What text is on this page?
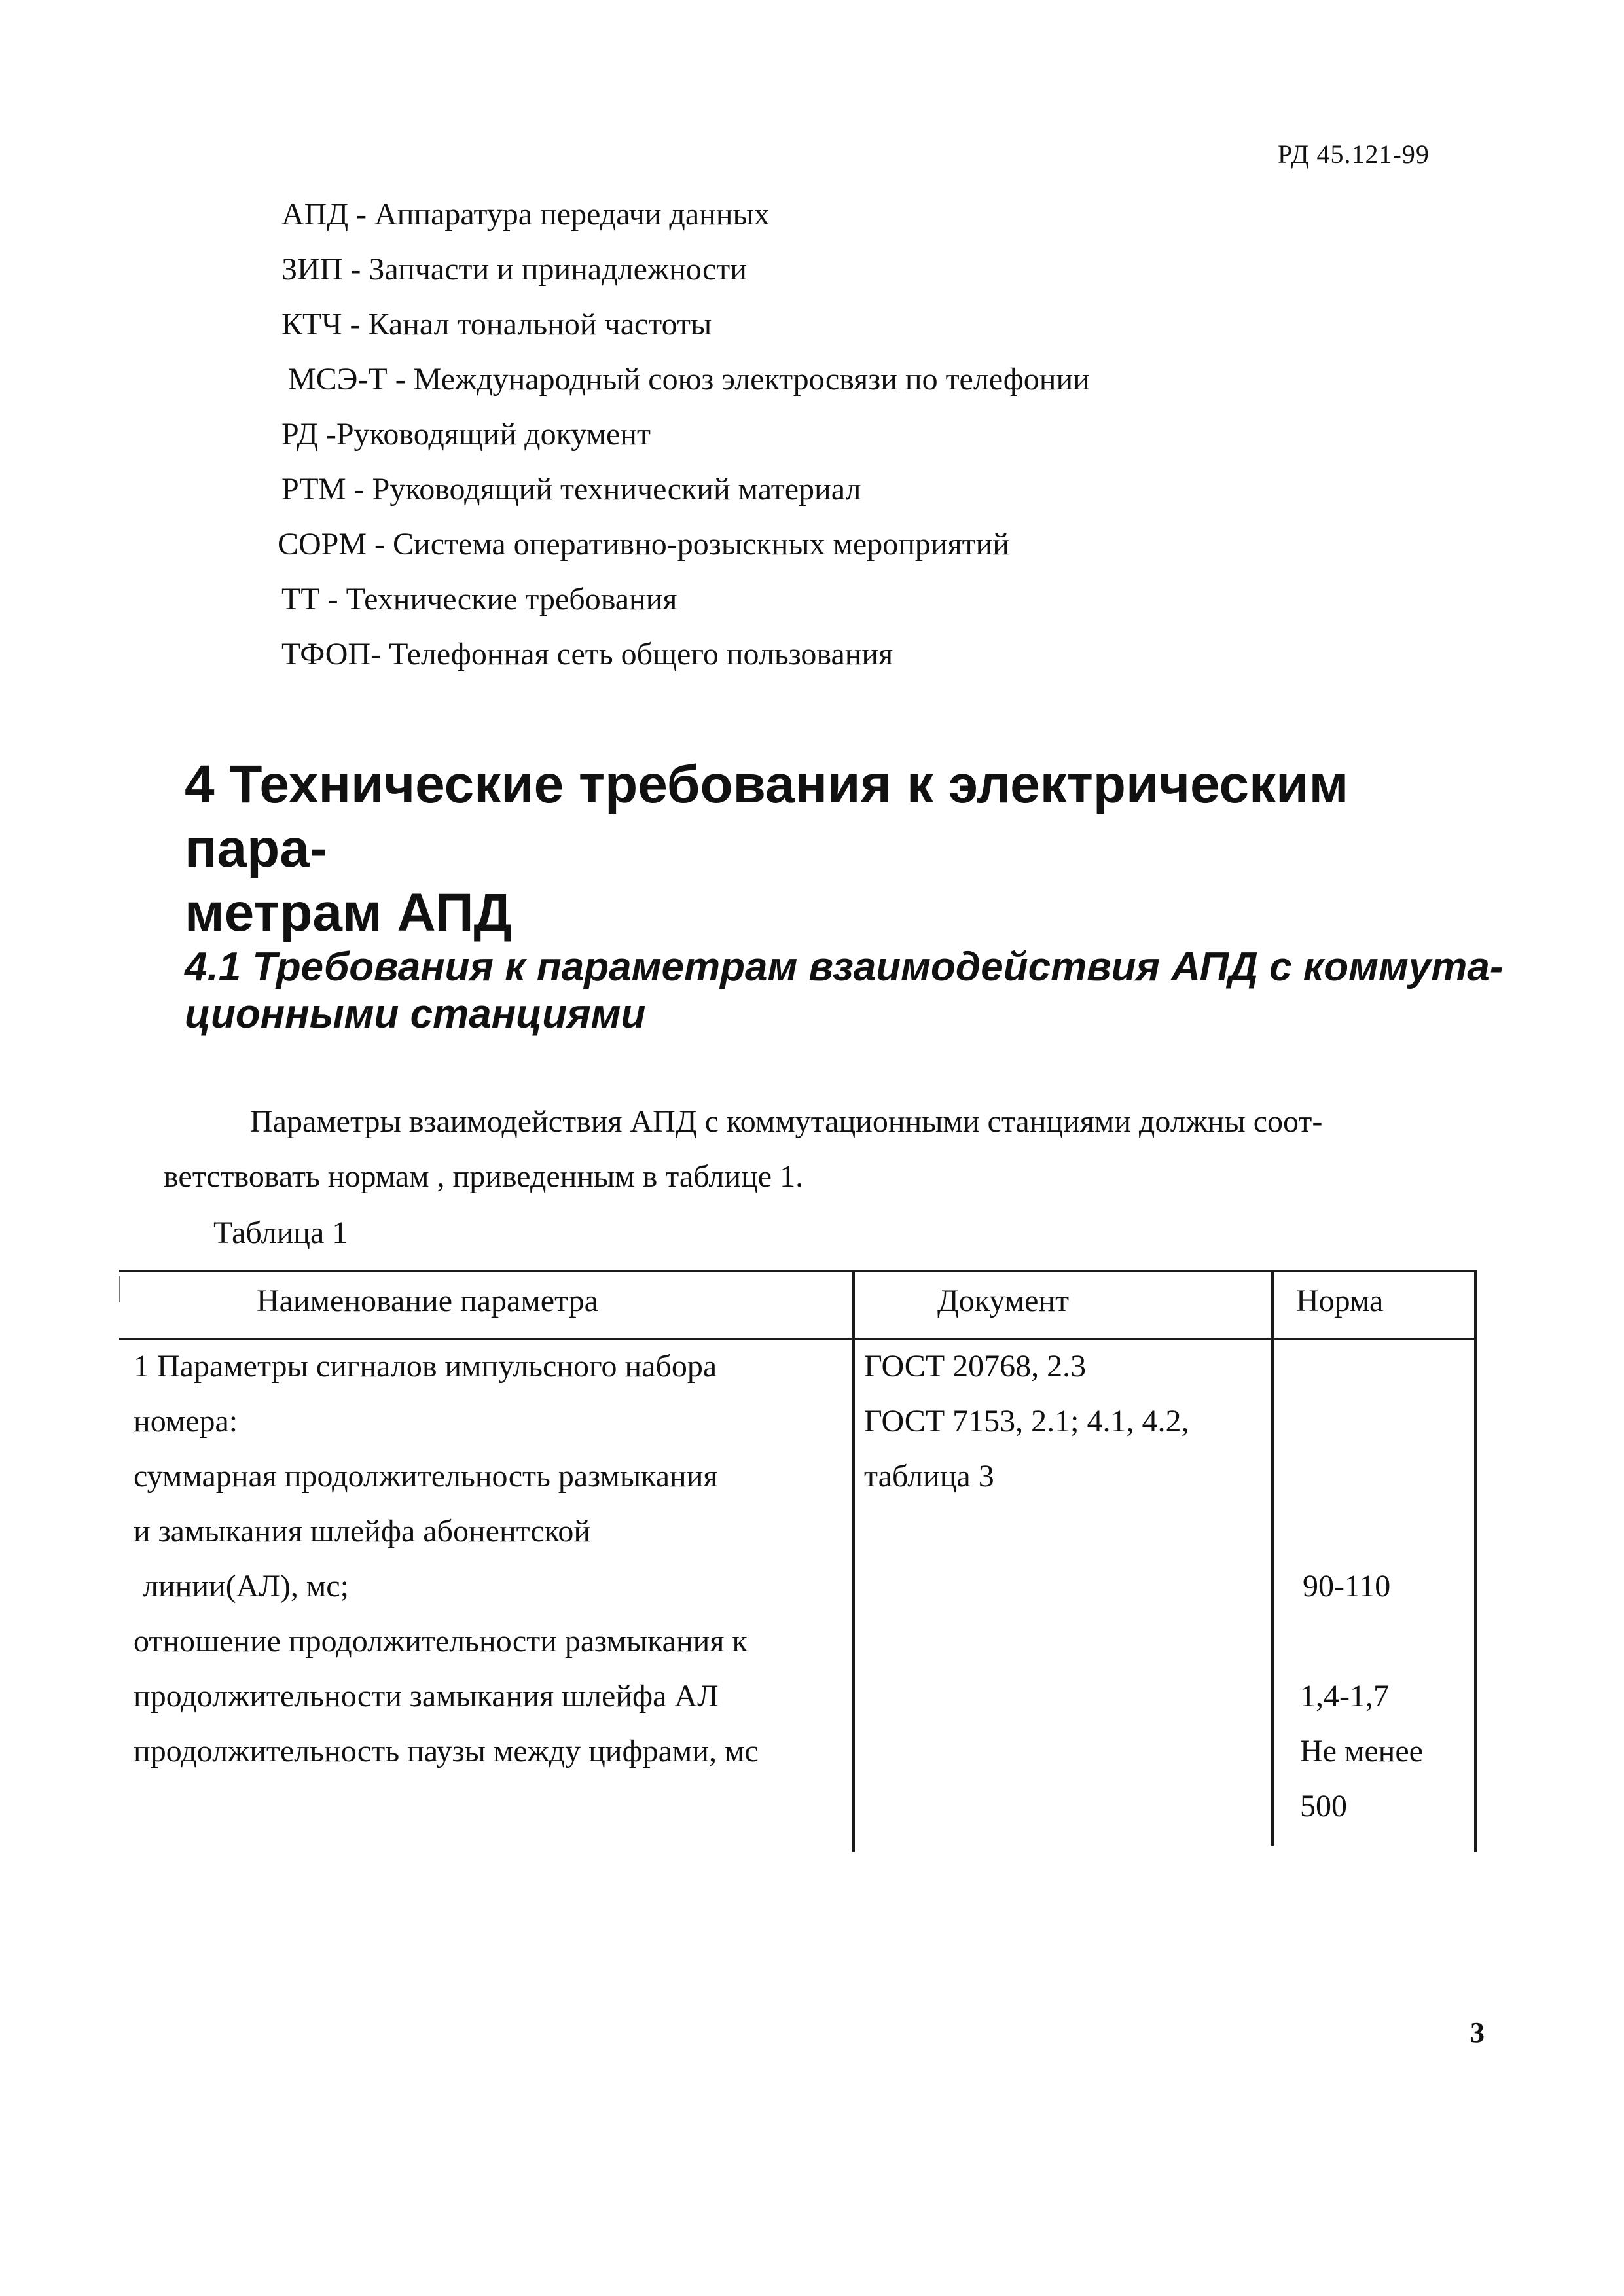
РД 45.121-99
АПД - Аппаратура передачи данных
ЗИП - Запчасти и принадлежности
КТЧ - Канал тональной частоты
МСЭ-Т - Международный союз электросвязи по телефонии
РД -Руководящий документ
РТМ - Руководящий технический материал
СОРМ - Система оперативно-розыскных мероприятий
ТТ - Технические требования
ТФОП- Телефонная сеть общего пользования
4 Технические требования к электрическим пара-
метрам АПД
4.1 Требования к параметрам взаимодействия АПД с коммута-
ционными станциями
Параметры взаимодействия АПД с коммутационными станциями должны соот-
ветствовать нормам , приведенным в таблице 1.
Таблица 1
Наименование параметра	Документ	Норма
1 Параметры сигналов импульсного набора
номера:
суммарная продолжительность размыкания
и замыкания шлейфа абонентской
линии(АЛ), мс;
отношение продолжительности размыкания к
продолжительности замыкания шлейфа АЛ
продолжительность паузы между цифрами, мс
ГОСТ 20768, 2.3
ГОСТ 7153, 2.1; 4.1, 4.2,
таблица 3
90-110
1,4-1,7
Не менее
500
3
